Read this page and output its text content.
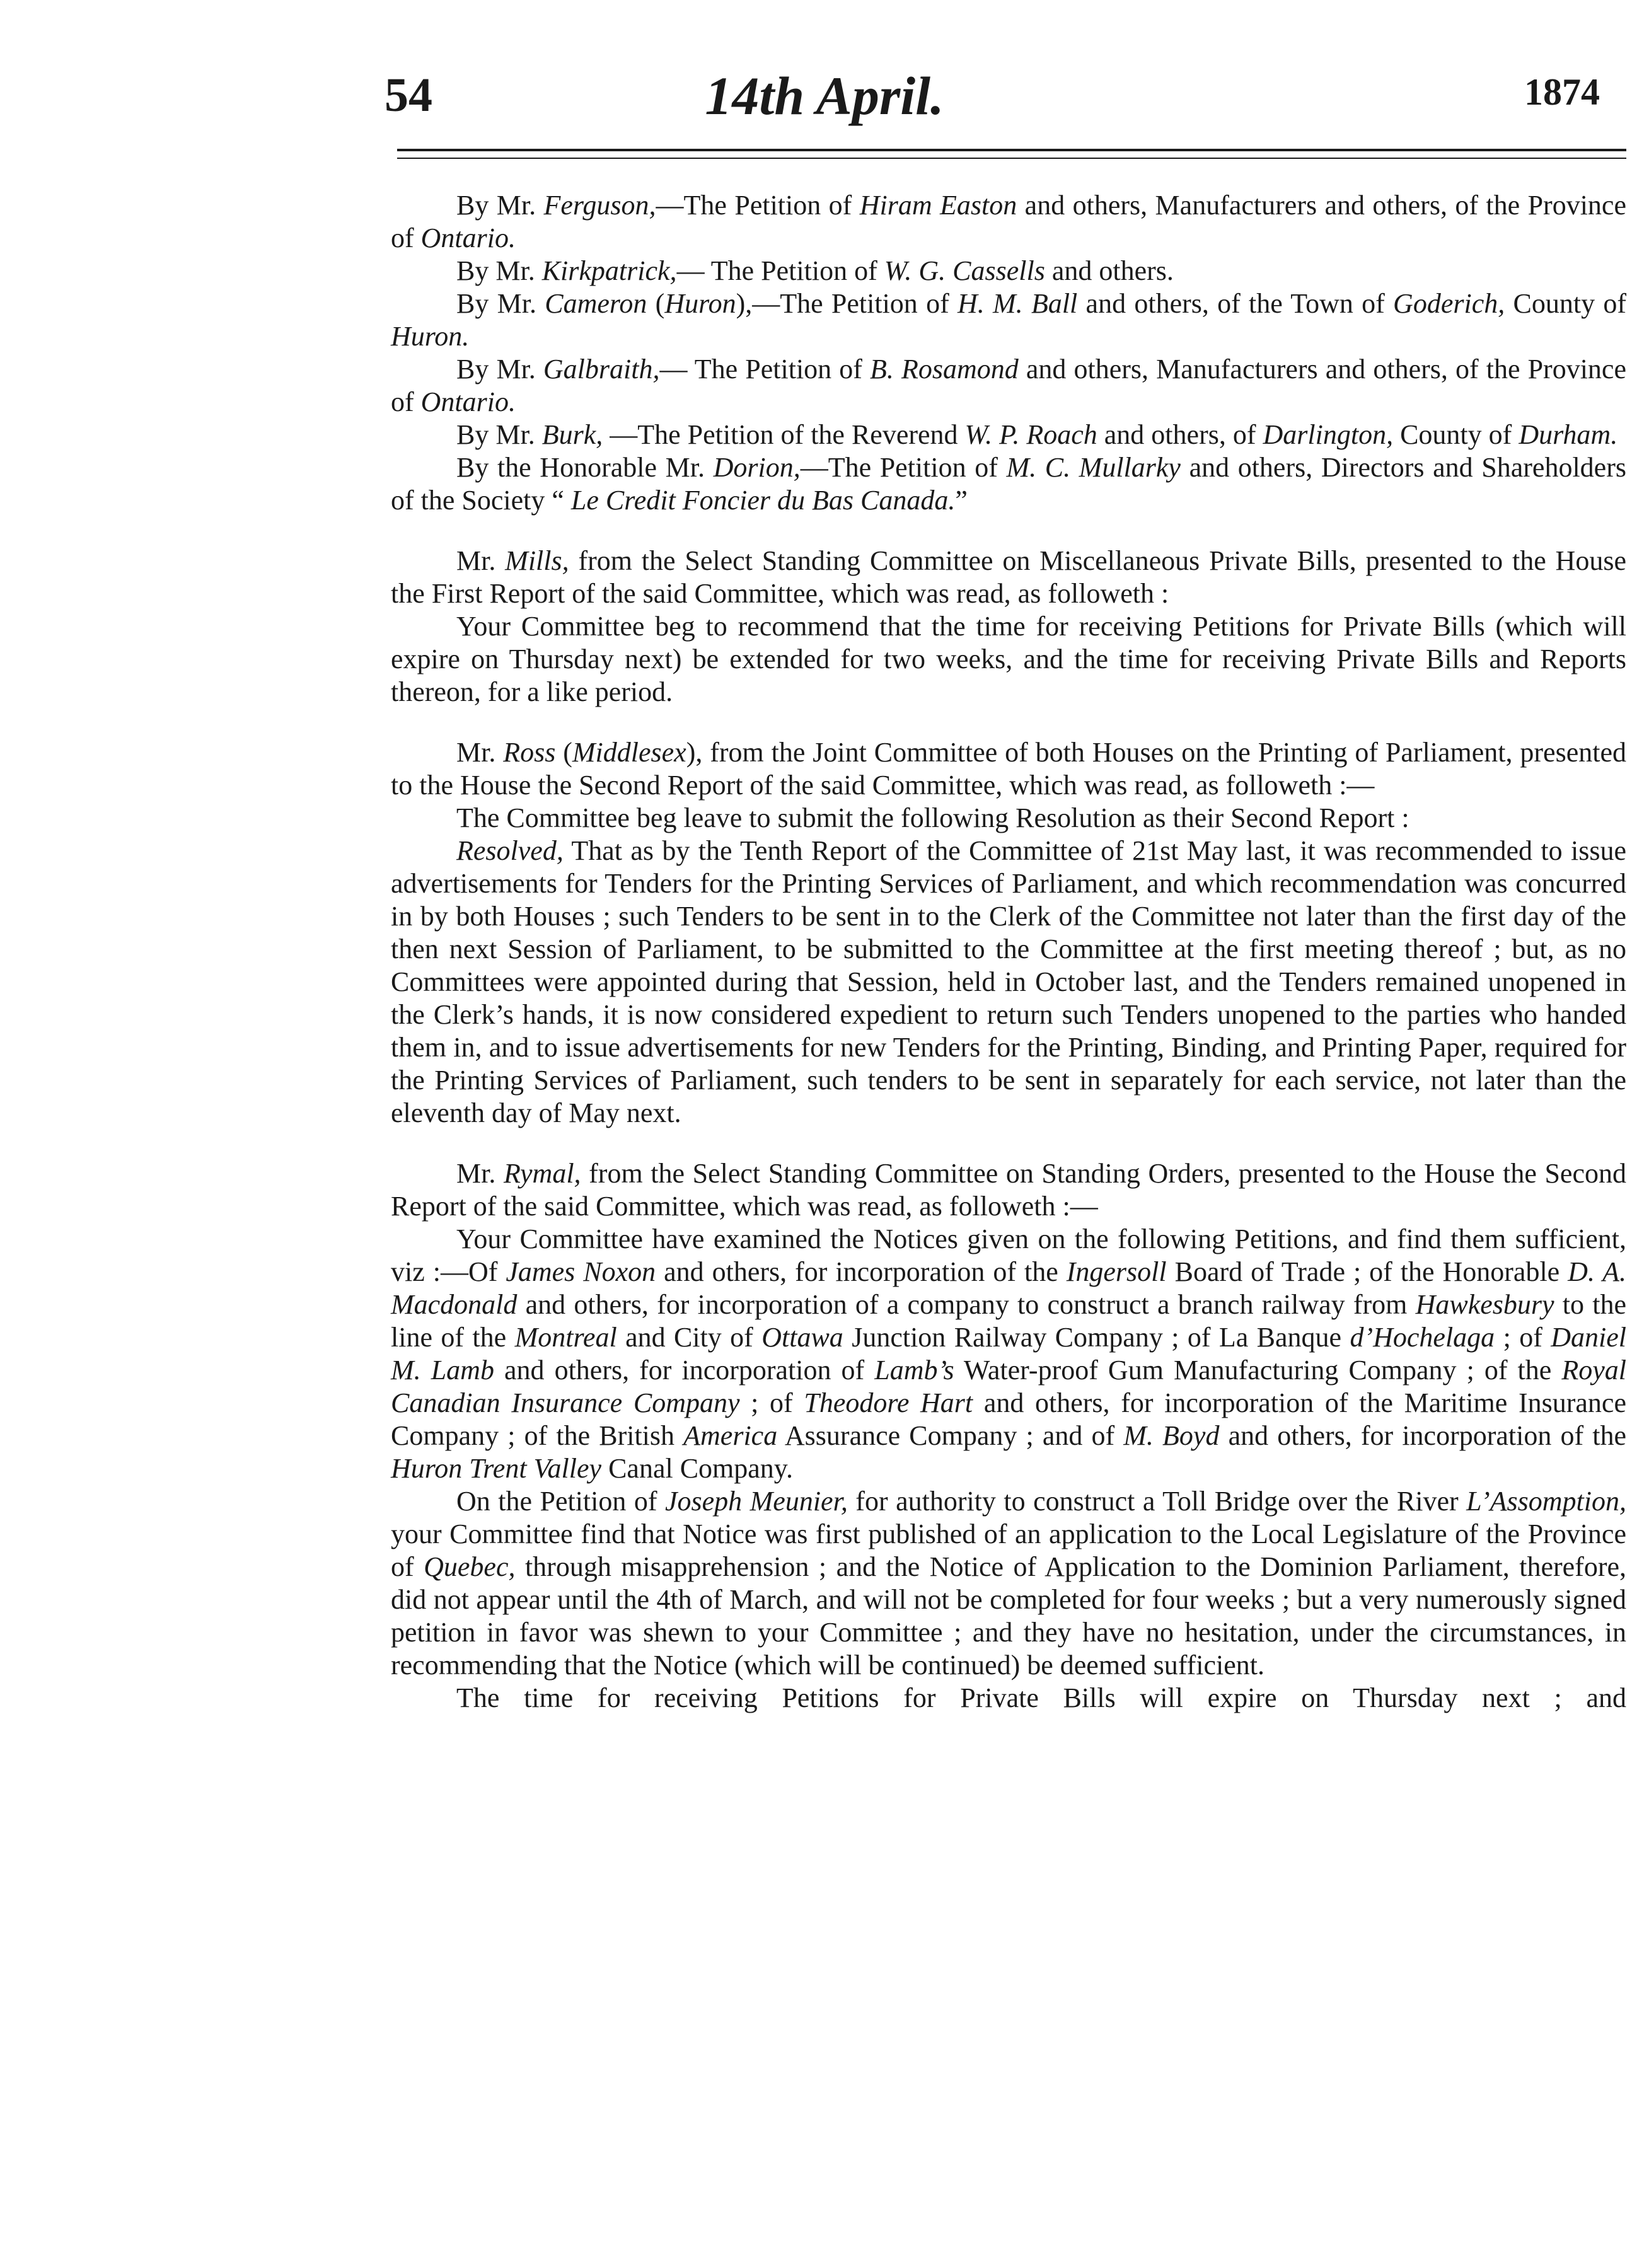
54	14th April.	1874

By Mr. Ferguson,—The Petition of Hiram Easton and others, Manufacturers and others, of the Province of Ontario.

By Mr. Kirkpatrick,— The Petition of W. G. Cassells and others.

By Mr. Cameron (Huron),—The Petition of H. M. Ball and others, of the Town of Goderich, County of Huron.

By Mr. Galbraith,— The Petition of B. Rosamond and others, Manufacturers and others, of the Province of Ontario.

By Mr. Burk, —The Petition of the Reverend W. P. Roach and others, of Darlington, County of Durham.

By the Honorable Mr. Dorion,—The Petition of M. C. Mullarky and others, Directors and Shareholders of the Society “ Le Credit Foncier du Bas Canada.”

Mr. Mills, from the Select Standing Committee on Miscellaneous Private Bills, presented to the House the First Report of the said Committee, which was read, as followeth :

Your Committee beg to recommend that the time for receiving Petitions for Private Bills (which will expire on Thursday next) be extended for two weeks, and the time for receiving Private Bills and Reports thereon, for a like period.

Mr. Ross (Middlesex), from the Joint Committee of both Houses on the Printing of Parliament, presented to the House the Second Report of the said Committee, which was read, as followeth :—

The Committee beg leave to submit the following Resolution as their Second Report :

Resolved, That as by the Tenth Report of the Committee of 21st May last, it was recommended to issue advertisements for Tenders for the Printing Services of Parliament, and which recommendation was concurred in by both Houses ; such Tenders to be sent in to the Clerk of the Committee not later than the first day of the then next Session of Parliament, to be submitted to the Committee at the first meeting thereof ; but, as no Committees were appointed during that Session, held in October last, and the Tenders remained unopened in the Clerk’s hands, it is now considered expedient to return such Tenders unopened to the parties who handed them in, and to issue advertisements for new Tenders for the Printing, Binding, and Printing Paper, required for the Printing Services of Parliament, such tenders to be sent in separately for each service, not later than the eleventh day of May next.

Mr. Rymal, from the Select Standing Committee on Standing Orders, presented to the House the Second Report of the said Committee, which was read, as followeth :—

Your Committee have examined the Notices given on the following Petitions, and find them sufficient, viz :—Of James Noxon and others, for incorporation of the Ingersoll Board of Trade ; of the Honorable D. A. Macdonald and others, for incorporation of a company to construct a branch railway from Hawkesbury to the line of the Montreal and City of Ottawa Junction Railway Company ; of La Banque d’Hochelaga ; of Daniel M. Lamb and others, for incorporation of Lamb’s Water-proof Gum Manufacturing Company ; of the Royal Canadian Insurance Company ; of Theodore Hart and others, for incorporation of the Maritime Insurance Company ; of the British America Assurance Company ; and of M. Boyd and others, for incorporation of the Huron Trent Valley Canal Company.

On the Petition of Joseph Meunier, for authority to construct a Toll Bridge over the River L’Assomption, your Committee find that Notice was first published of an application to the Local Legislature of the Province of Quebec, through misapprehension ; and the Notice of Application to the Dominion Parliament, therefore, did not appear until the 4th of March, and will not be completed for four weeks ; but a very numerously signed petition in favor was shewn to your Committee ; and they have no hesitation, under the circumstances, in recommending that the Notice (which will be continued) be deemed sufficient.

The time for receiving Petitions for Private Bills will expire on Thursday next ; and
